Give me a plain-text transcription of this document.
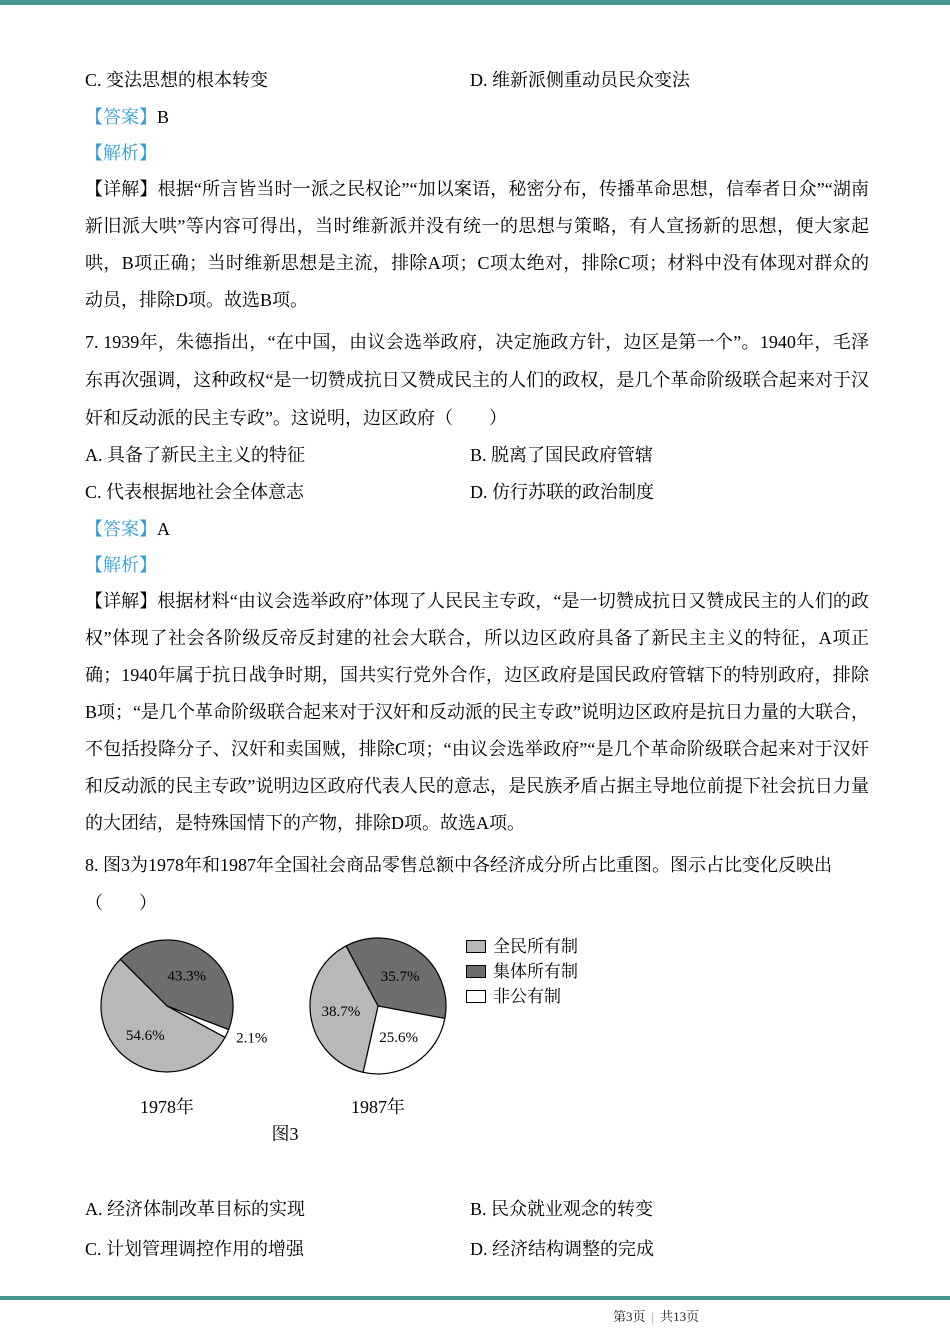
C. 变法思想的根本转变	D. 维新派侧重动员民众变法
【答案】B
【解析】

【详解】根据“所言皆当时一派之民权论”“加以案语，秘密分布，传播革命思想，信奉者日众”“湖南新旧派大哄”等内容可得出，当时维新派并没有统一的思想与策略，有人宣扬新的思想，便大家起哄，B项正确；当时维新思想是主流，排除A项；C项太绝对，排除C项；材料中没有体现对群众的动员，排除D项。故选B项。

7. 1939年，朱德指出，“在中国，由议会选举政府，决定施政方针，边区是第一个”。1940年，毛泽东再次强调，这种政权“是一切赞成抗日又赞成民主的人们的政权，是几个革命阶级联合起来对于汉奸和反动派的民主专政”。这说明，边区政府（　　）

A. 具备了新民主主义的特征	B. 脱离了国民政府管辖
C. 代表根据地社会全体意志	D. 仿行苏联的政治制度
【答案】A
【解析】

【详解】根据材料“由议会选举政府”体现了人民民主专政，“是一切赞成抗日又赞成民主的人们的政权”体现了社会各阶级反帝反封建的社会大联合，所以边区政府具备了新民主主义的特征，A项正确；1940年属于抗日战争时期，国共实行党外合作，边区政府是国民政府管辖下的特别政府，排除B项；“是几个革命阶级联合起来对于汉奸和反动派的民主专政”说明边区政府是抗日力量的大联合，不包括投降分子、汉奸和卖国贼，排除C项；“由议会选举政府”“是几个革命阶级联合起来对于汉奸和反动派的民主专政”说明边区政府代表人民的意志，是民族矛盾占据主导地位前提下社会抗日力量的大团结，是特殊国情下的产物，排除D项。故选A项。

8. 图3为1978年和1987年全国社会商品零售总额中各经济成分所占比重图。图示占比变化反映出

（　　）
43.3%
2.1%
54.6%
1978年
35.7%
25.6%
38.7%
1987年
全民所有制
集体所有制
非公有制
图3
A. 经济体制改革目标的实现	B. 民众就业观念的转变
C. 计划管理调控作用的增强	D. 经济结构调整的完成
第3页 | 共13页
